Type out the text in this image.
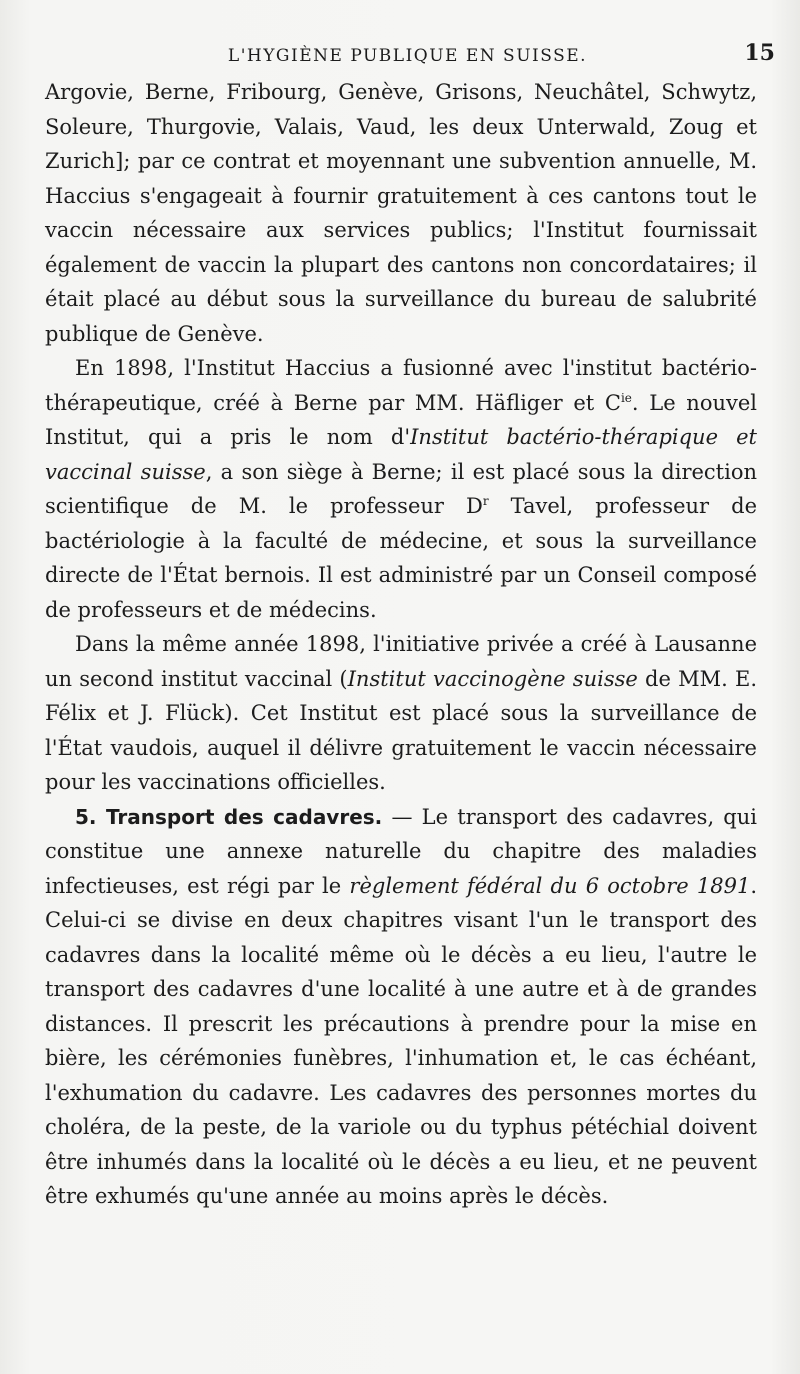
L'HYGIÈNE PUBLIQUE EN SUISSE.	15

Argovie, Berne, Fribourg, Genève, Grisons, Neuchâtel, Schwytz, Soleure, Thurgovie, Valais, Vaud, les deux Unterwald, Zoug et Zurich]; par ce contrat et moyennant une subvention annuelle, M. Haccius s'engageait à fournir gratuitement à ces cantons tout le vaccin nécessaire aux services publics; l'Institut fournissait également de vaccin la plupart des cantons non concordataires; il était placé au début sous la surveillance du bureau de salubrité publique de Genève.

En 1898, l'Institut Haccius a fusionné avec l'institut bactério-thérapeutique, créé à Berne par MM. Häfliger et $C^{ie}$. Le nouvel Institut, qui a pris le nom d'Institut bactério-thérapique et vaccinal suisse, a son siège à Berne; il est placé sous la direction scientifique de M. le professeur $D^r$ Tavel, professeur de bactériologie à la faculté de médecine, et sous la surveillance directe de l'État bernois. Il est administré par un Conseil composé de professeurs et de médecins.

Dans la même année 1898, l'initiative privée a créé à Lausanne un second institut vaccinal (Institut vaccinogène suisse de MM. E. Félix et J. Flück). Cet Institut est placé sous la surveillance de l'État vaudois, auquel il délivre gratuitement le vaccin nécessaire pour les vaccinations officielles.

5. Transport des cadavres. — Le transport des cadavres, qui constitue une annexe naturelle du chapitre des maladies infectieuses, est régi par le règlement fédéral du 6 octobre 1891. Celui-ci se divise en deux chapitres visant l'un le transport des cadavres dans la localité même où le décès a eu lieu, l'autre le transport des cadavres d'une localité à une autre et à de grandes distances. Il prescrit les précautions à prendre pour la mise en bière, les cérémonies funèbres, l'inhumation et, le cas échéant, l'exhumation du cadavre. Les cadavres des personnes mortes du choléra, de la peste, de la variole ou du typhus pétéchial doivent être inhumés dans la localité où le décès a eu lieu, et ne peuvent être exhumés qu'une année au moins après le décès.
